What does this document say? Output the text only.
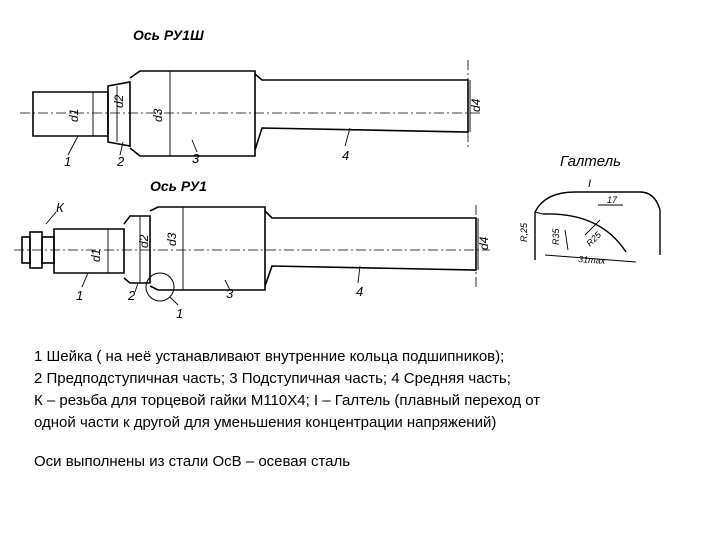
Ось РУ1Ш
Ось РУ1
Галтель
d1
d2
d3
d4
1	2	3	4
К
d1
d2 d3	d4
1	2
1
3	4
I
R,25 R35	R25
17
31max
1 Шейка ( на неё устанавливают внутренние кольца подшипников);
2 Предподступичная часть; 3 Подступичная часть; 4 Средняя часть;
К – резьба для торцевой гайки М110Х4; I – Галтель (плавный переход от
одной части к другой для уменьшения концентрации напряжений)
Оси выполнены из стали ОсВ – осевая сталь
